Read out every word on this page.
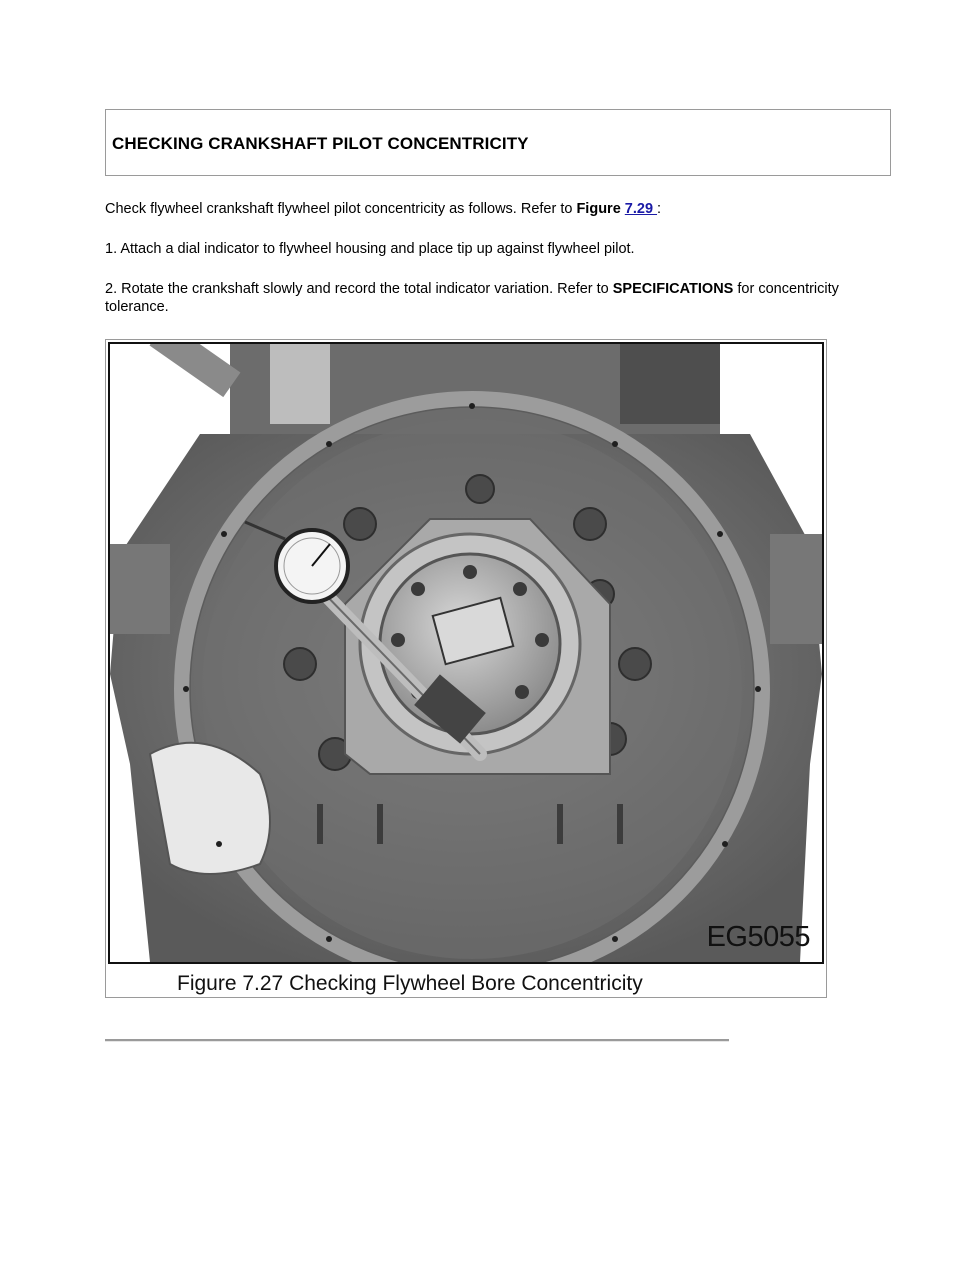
CHECKING CRANKSHAFT PILOT CONCENTRICITY
Check flywheel crankshaft flywheel pilot concentricity as follows. Refer to Figure 7.29 :
1. Attach a dial indicator to flywheel housing and place tip up against flywheel pilot.
2. Rotate the crankshaft slowly and record the total indicator variation. Refer to SPECIFICATIONS for concentricity tolerance.
EG5055
Figure 7.27 Checking Flywheel Bore Concentricity
